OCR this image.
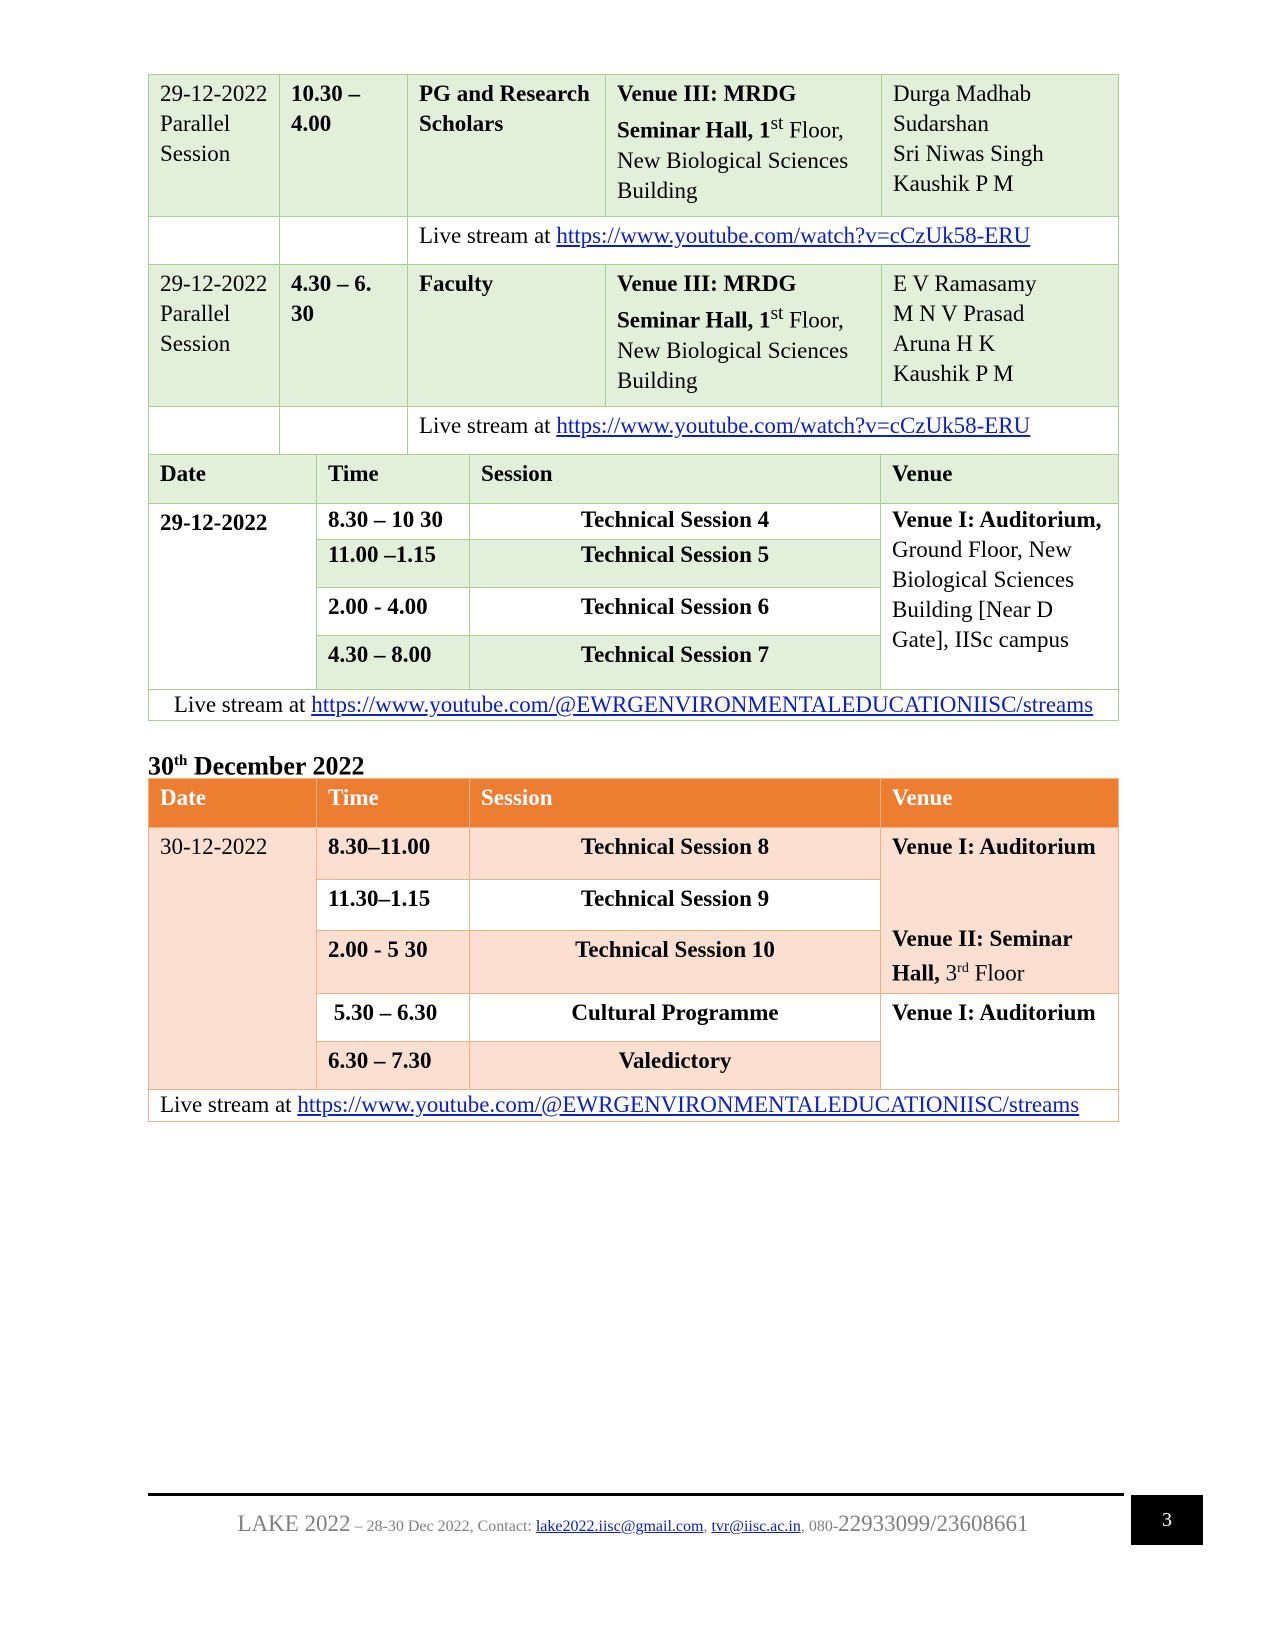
29-12-2022 Parallel Session	10.30 – 4.00	PG and Research Scholars	Venue III: MRDG Seminar Hall, 1st Floor, New Biological Sciences Building	Durga Madhab Sudarshan
Sri Niwas Singh
Kaushik P M

		Live stream at https://www.youtube.com/watch?v=cCzUk58-ERU		
29-12-2022 Parallel Session	4.30 – 6. 30	Faculty	Venue III: MRDG Seminar Hall, 1st Floor, New Biological Sciences Building	E V Ramasamy
M N V Prasad
Aruna H K
Kaushik P M

		Live stream at https://www.youtube.com/watch?v=cCzUk58-ERU		
Date	Time	Session	Venue
29-12-2022	8.30 – 10 30	Technical Session 4	Venue I: Auditorium, Ground Floor, New Biological Sciences Building [Near D Gate], IISc campus
	11.00 –1.15	Technical Session 5	
	2.00 - 4.00	Technical Session 6	
	4.30 – 8.00	Technical Session 7	
Live stream at https://www.youtube.com/@EWRGENVIRONMENTALEDUCATIONIISC/streams			
30th December 2022
Date	Time	Session	Venue
30-12-2022	8.30–11.00	Technical Session 8	Venue I: Auditorium
Venue II: Seminar Hall, 3rd Floor

	11.30–1.15	Technical Session 9	
	2.00 - 5 30	Technical Session 10	
	5.30 – 6.30	Cultural Programme	Venue I: Auditorium
	6.30 – 7.30	Valedictory	
Live stream at https://www.youtube.com/@EWRGENVIRONMENTALEDUCATIONIISC/streams			
LAKE 2022 – 28-30 Dec 2022, Contact: lake2022.iisc@gmail.com, tvr@iisc.ac.in, 080-22933099/23608661	3
